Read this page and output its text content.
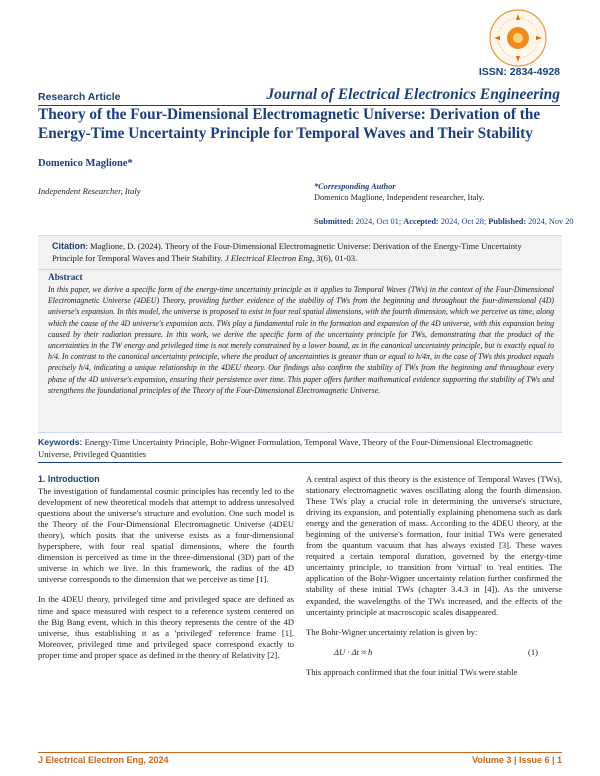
ISSN: 2834-4928
Research Article	Journal of Electrical Electronics Engineering
Theory of the Four-Dimensional Electromagnetic Universe: Derivation of the Energy-Time Uncertainty Principle for Temporal Waves and Their Stability
Domenico Maglione*
Independent Researcher, Italy	*Corresponding Author
Domenico Maglione, Independent researcher, Italy.
Submitted: 2024, Oct 01; Accepted: 2024, Oct 28; Published: 2024, Nov 20
Citation: Maglione, D. (2024). Theory of the Four-Dimensional Electromagnetic Universe: Derivation of the Energy-Time Uncertainty Principle for Temporal Waves and Their Stability. J Electrical Electron Eng, 3(6), 01-03.
Abstract
In this paper, we derive a specific form of the energy-time uncertainty principle as it applies to Temporal Waves (TWs) in the context of the Four-Dimensional Electromagnetic Universe (4DEU) Theory, providing further evidence of the stability of TWs from the beginning and throughout the four-dimensional (4D) universe's expansion. In this model, the universe is proposed to exist in four real spatial dimensions, with the fourth dimension, which we perceive as time, along which the cause of the 4D universe's expansion acts. TWs play a fundamental role in the formation and expansion of the 4D universe, with this expansion being caused by their radiation pressure. In this work, we derive the specific form of the uncertainty principle for TWs, demonstrating that the product of the uncertainties in the TW energy and privileged time is not merely constrained by a lower bound, as in the canonical uncertainty principle, but is exactly equal to h/4. In contrast to the canonical uncertainty principle, where the product of uncertainties is greater than or equal to h/4π, in the case of TWs this product equals precisely h/4, indicating a unique relationship in the 4DEU theory. Our findings also confirm the stability of TWs from the beginning and throughout every phase of the 4D universe's expansion, ensuring their persistence over time. This paper offers further mathematical evidence supporting the stability of TWs and strengthens the foundational principles of the Theory of the Four-Dimensional Electromagnetic Universe.
Keywords: Energy-Time Uncertainty Principle, Bohr-Wigner Formulation, Temporal Wave, Theory of the Four-Dimensional Electromagnetic Universe, Privileged Quantities
1. Introduction

The investigation of fundamental cosmic principles has recently led to the development of new theoretical models that attempt to address unresolved questions about the universe's structure and evolution. One such model is the Theory of the Four-Dimensional Electromagnetic Universe (4DEU theory), which posits that the universe exists as a four-dimensional hypersphere, with four real spatial dimensions, where the fourth dimension is perceived as time in the three-dimensional (3D) part of the universe in which we live. In this framework, the radius of the 4D universe corresponds to the dimension that we perceive as time [1].

In the 4DEU theory, privileged time and privileged space are defined as time and space measured with respect to a reference system centered on the Big Bang event, which in this theory represents the centre of the 4D universe, thus establishing it as a 'privileged' reference frame [1]. Moreover, privileged time and privileged space correspond exactly to proper time and proper space as defined in the theory of Relativity [2].

A central aspect of this theory is the existence of Temporal Waves (TWs), stationary electromagnetic waves oscillating along the fourth dimension. These TWs play a crucial role in determining the universe's structure, driving its expansion, and potentially explaining phenomena such as dark energy and the generation of mass. According to the 4DEU theory, at the beginning of the universe's formation, four initial TWs were generated from the quantum vacuum that has always existed [3]. These waves required a certain temporal duration, governed by the energy-time uncertainty principle, to transition from 'virtual' to 'real entities. The application of the Bohr-Wigner uncertainty relation further confirmed the stability of these initial TWs (chapter 3.4.3 in [4]). As the universe expanded, the wavelengths of the TWs increased, and the effects of the uncertainty principle at macroscopic scales disappeared.

The Bohr-Wigner uncertainty relation is given by:

ΔU · Δt ≈ h	(1)

This approach confirmed that the four initial TWs were stable

J Electrical Electron Eng, 2024	Volume 3 | Issue 6 | 1
